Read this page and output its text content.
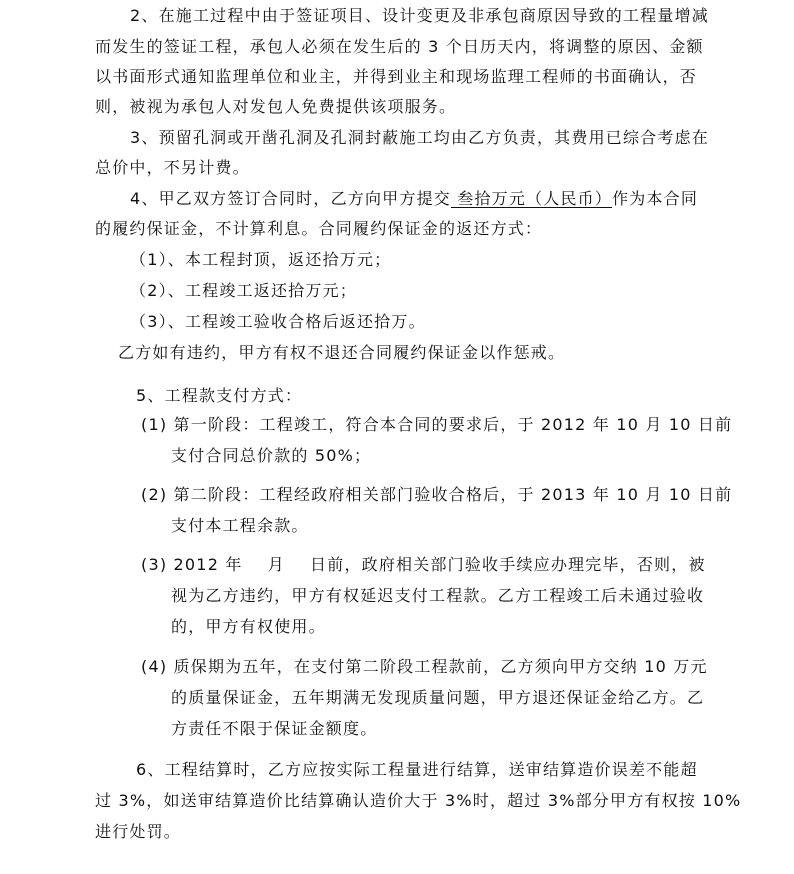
2、在施工过程中由于签证项目、设计变更及非承包商原因导致的工程量增减
而发生的签证工程，承包人必须在发生后的 3 个日历天内，将调整的原因、金额
以书面形式通知监理单位和业主，并得到业主和现场监理工程师的书面确认，否
则，被视为承包人对发包人免费提供该项服务。
3、预留孔洞或开凿孔洞及孔洞封蔽施工均由乙方负责，其费用已综合考虑在
总价中，不另计费。
4、甲乙双方签订合同时，乙方向甲方提交 叁拾万元（人民币）作为本合同
的履约保证金，不计算利息。合同履约保证金的返还方式：
（1）、本工程封顶，返还拾万元；
（2）、工程竣工返还拾万元；
（3）、工程竣工验收合格后返还拾万。
乙方如有违约，甲方有权不退还合同履约保证金以作惩戒。
5、工程款支付方式：
(1) 第一阶段：工程竣工，符合本合同的要求后，于 2012 年 10 月 10 日前
支付合同总价款的 50%；
(2) 第二阶段：工程经政府相关部门验收合格后，于 2013 年 10 月 10 日前
支付本工程余款。
(3) 2012 年    月    日前，政府相关部门验收手续应办理完毕，否则，被
视为乙方违约，甲方有权延迟支付工程款。乙方工程竣工后未通过验收
的，甲方有权使用。
(4) 质保期为五年，在支付第二阶段工程款前，乙方须向甲方交纳 10 万元
的质量保证金，五年期满无发现质量问题，甲方退还保证金给乙方。乙
方责任不限于保证金额度。
6、工程结算时，乙方应按实际工程量进行结算，送审结算造价误差不能超
过 3%，如送审结算造价比结算确认造价大于 3%时，超过 3%部分甲方有权按 10%
进行处罚。
